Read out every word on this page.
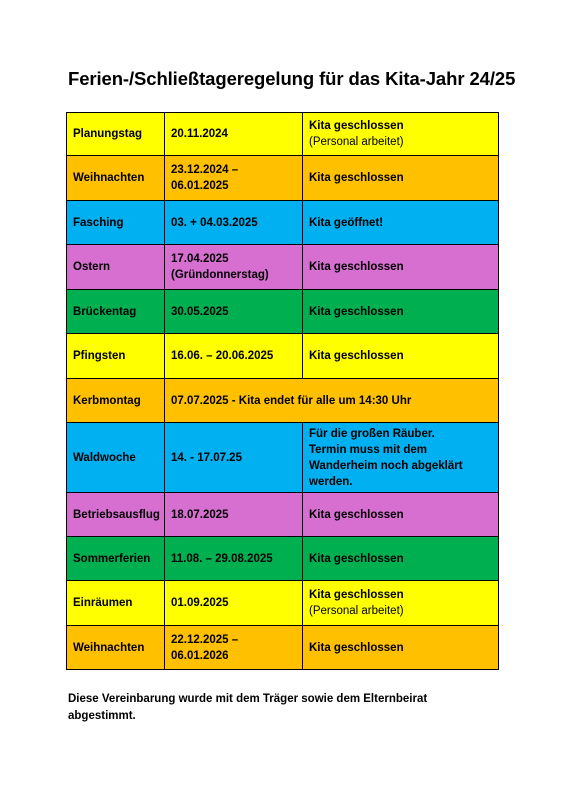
Ferien-/Schließtageregelung für das Kita-Jahr 24/25
Planungstag	20.11.2024	Kita geschlossen
(Personal arbeitet)

Weihnachten	23.12.2024 –
06.01.2025	Kita geschlossen

Fasching	03. + 04.03.2025	Kita geöffnet!

Ostern	17.04.2025
(Gründonnerstag)	Kita geschlossen

Brückentag	30.05.2025	Kita geschlossen

Pfingsten	16.06. – 20.06.2025	Kita geschlossen

Kerbmontag	07.07.2025 - Kita endet für alle um 14:30 Uhr	
Waldwoche	14. - 17.07.25	Für die großen Räuber.
Termin muss mit dem
Wanderheim noch abgeklärt
werden.

Betriebsausflug	18.07.2025	Kita geschlossen

Sommerferien	11.08. – 29.08.2025	Kita geschlossen

Einräumen	01.09.2025	Kita geschlossen
(Personal arbeitet)

Weihnachten	22.12.2025 –
06.01.2026	Kita geschlossen
Diese Vereinbarung wurde mit dem Träger sowie dem Elternbeirat
abgestimmt.
